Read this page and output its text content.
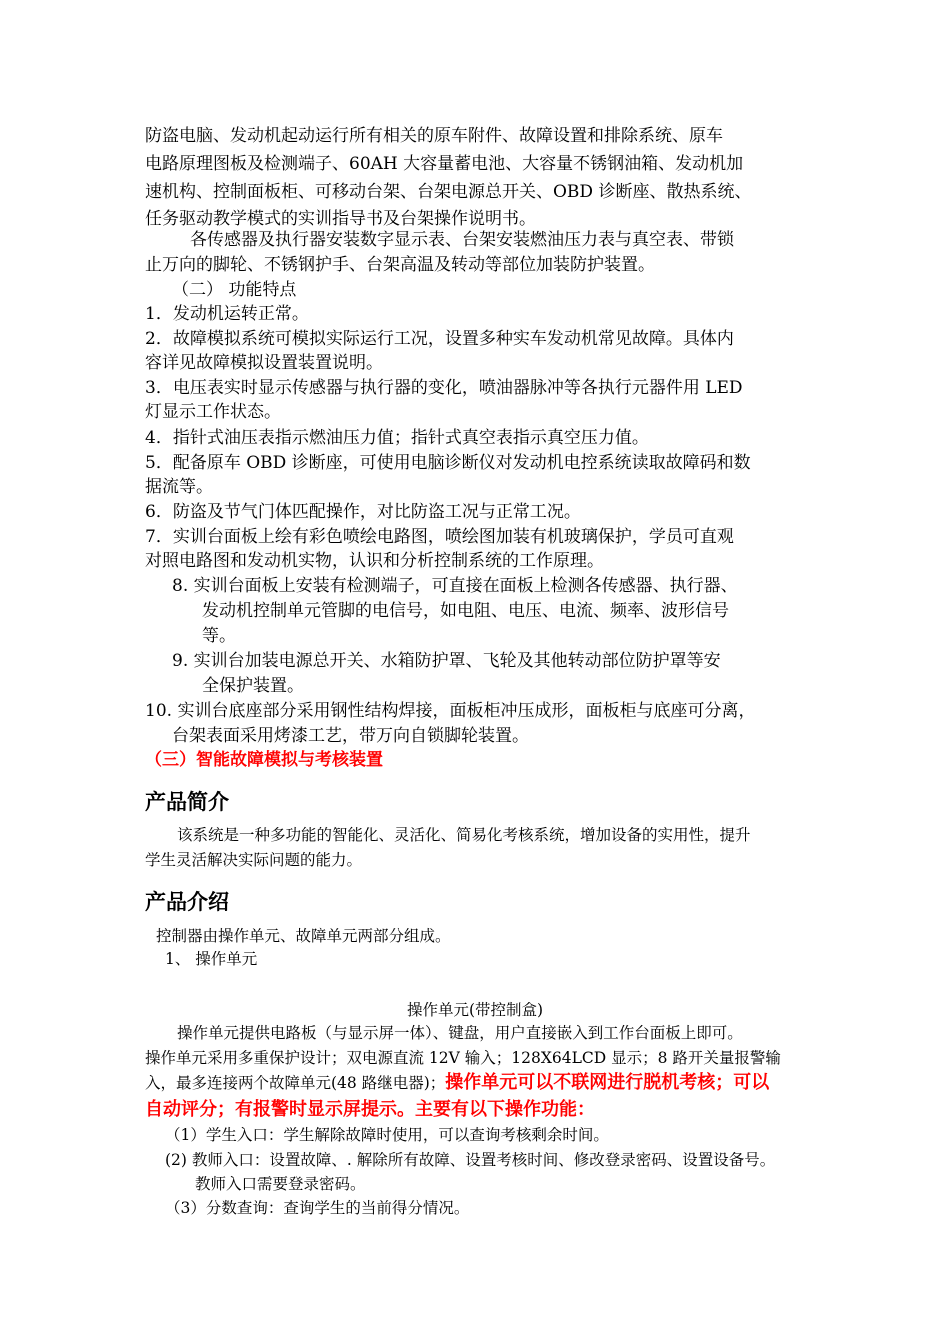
防盗电脑、发动机起动运行所有相关的原车附件、故障设置和排除系统、原车
电路原理图板及检测端子、60AH 大容量蓄电池、大容量不锈钢油箱、发动机加
速机构、控制面板柜、可移动台架、台架电源总开关、OBD 诊断座、散热系统、
任务驱动教学模式的实训指导书及台架操作说明书。
各传感器及执行器安装数字显示表、台架安装燃油压力表与真空表、带锁
止万向的脚轮、不锈钢护手、台架高温及转动等部位加装防护装置。
（二） 功能特点
1．发动机运转正常。
2．故障模拟系统可模拟实际运行工况，设置多种实车发动机常见故障。具体内
容详见故障模拟设置装置说明。
3．电压表实时显示传感器与执行器的变化，喷油器脉冲等各执行元器件用 LED
灯显示工作状态。
4．指针式油压表指示燃油压力值；指针式真空表指示真空压力值。
5．配备原车 OBD 诊断座，可使用电脑诊断仪对发动机电控系统读取故障码和数
据流等。
6．防盗及节气门体匹配操作，对比防盗工况与正常工况。
7．实训台面板上绘有彩色喷绘电路图，喷绘图加装有机玻璃保护，学员可直观
对照电路图和发动机实物，认识和分析控制系统的工作原理。
8. 实训台面板上安装有检测端子，可直接在面板上检测各传感器、执行器、
发动机控制单元管脚的电信号，如电阻、电压、电流、频率、波形信号
等。
9. 实训台加装电源总开关、水箱防护罩、飞轮及其他转动部位防护罩等安
全保护装置。
10. 实训台底座部分采用钢性结构焊接，面板柜冲压成形，面板柜与底座可分离，
台架表面采用烤漆工艺，带万向自锁脚轮装置。
（三）智能故障模拟与考核装置
产品简介
该系统是一种多功能的智能化、灵活化、简易化考核系统，增加设备的实用性，提升
学生灵活解决实际问题的能力。
产品介绍
控制器由操作单元、故障单元两部分组成。
1、 操作单元
操作单元(带控制盒)
操作单元提供电路板（与显示屏一体）、键盘，用户直接嵌入到工作台面板上即可。
操作单元采用多重保护设计；双电源直流 12V 输入；128X64LCD 显示；8 路开关量报警输
入，最多连接两个故障单元(48 路继电器)；操作单元可以不联网进行脱机考核；可以
自动评分；有报警时显示屏提示。主要有以下操作功能：
（1）学生入口：学生解除故障时使用，可以查询考核剩余时间。
(2) 教师入口：设置故障、. 解除所有故障、设置考核时间、修改登录密码、设置设备号。
教师入口需要登录密码。
（3）分数查询：查询学生的当前得分情况。
